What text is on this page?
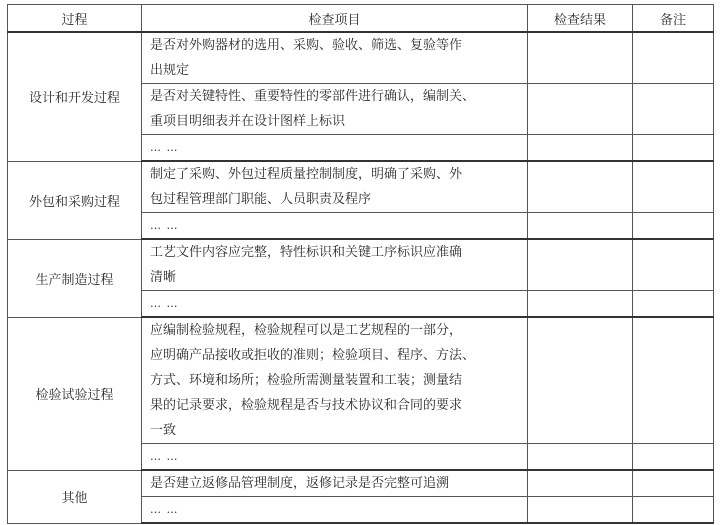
过程	检查项目	检查结果	备注
设计和开发过程	是否对外购器材的选用、采购、验收、筛选、复验等作
出规定		

	是否对关键特性、重要特性的零部件进行确认，编制关、
重项目明细表并在设计图样上标识		

	… …		
外包和采购过程	制定了采购、外包过程质量控制制度，明确了采购、外
包过程管理部门职能、人员职责及程序		

	… …		
生产制造过程	工艺文件内容应完整，特性标识和关键工序标识应准确
清晰		

	… …		
检验试验过程	应编制检验规程，检验规程可以是工艺规程的一部分，
应明确产品接收或拒收的准则；检验项目、程序、方法、
方式、环境和场所；检验所需测量装置和工装；测量结
果的记录要求，检验规程是否与技术协议和合同的要求
一致		

	… …		
其他	是否建立返修品管理制度，返修记录是否完整可追溯		

	… …		
